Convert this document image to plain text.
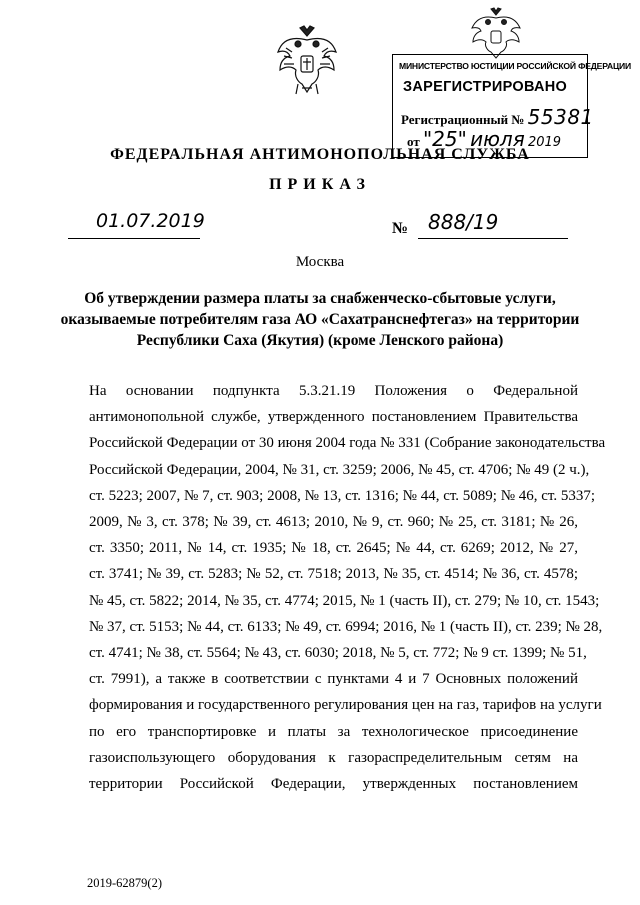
МИНИСТЕРСТВО ЮСТИЦИИ РОССИЙСКОЙ ФЕДЕРАЦИИ
ЗАРЕГИСТРИРОВАНО
Регистрационный № 55381
от "25" июля 2019
ФЕДЕРАЛЬНАЯ АНТИМОНОПОЛЬНАЯ СЛУЖБА
ПРИКАЗ
01.07.2019	№ 888/19
Москва
Об утверждении размера платы за снабженческо-сбытовые услуги,
оказываемые потребителям газа АО «Сахатранснефтегаз» на территории
Республики Саха (Якутия) (кроме Ленского района)
На основании подпункта 5.3.21.19 Положения о Федеральной
антимонопольной службе, утвержденного постановлением Правительства
Российской Федерации от 30 июня 2004 года № 331 (Собрание законодательства
Российской Федерации, 2004, № 31, ст. 3259; 2006, № 45, ст. 4706; № 49 (2 ч.),
ст. 5223; 2007, № 7, ст. 903; 2008, № 13, ст. 1316; № 44, ст. 5089; № 46, ст. 5337;
2009, № 3, ст. 378; № 39, ст. 4613; 2010, № 9, ст. 960; № 25, ст. 3181; № 26,
ст. 3350; 2011, № 14, ст. 1935; № 18, ст. 2645; № 44, ст. 6269; 2012, № 27,
ст. 3741; № 39, ст. 5283; № 52, ст. 7518; 2013, № 35, ст. 4514; № 36, ст. 4578;
№ 45, ст. 5822; 2014, № 35, ст. 4774; 2015, № 1 (часть II), ст. 279; № 10, ст. 1543;
№ 37, ст. 5153; № 44, ст. 6133; № 49, ст. 6994; 2016, № 1 (часть II), ст. 239; № 28,
ст. 4741; № 38, ст. 5564; № 43, ст. 6030; 2018, № 5, ст. 772; № 9 ст. 1399; № 51,
ст. 7991), а также в соответствии с пунктами 4 и 7 Основных положений
формирования и государственного регулирования цен на газ, тарифов на услуги
по его транспортировке и платы за технологическое присоединение
газоиспользующего оборудования к газораспределительным сетям на
территории Российской Федерации, утвержденных постановлением
2019-62879(2)
